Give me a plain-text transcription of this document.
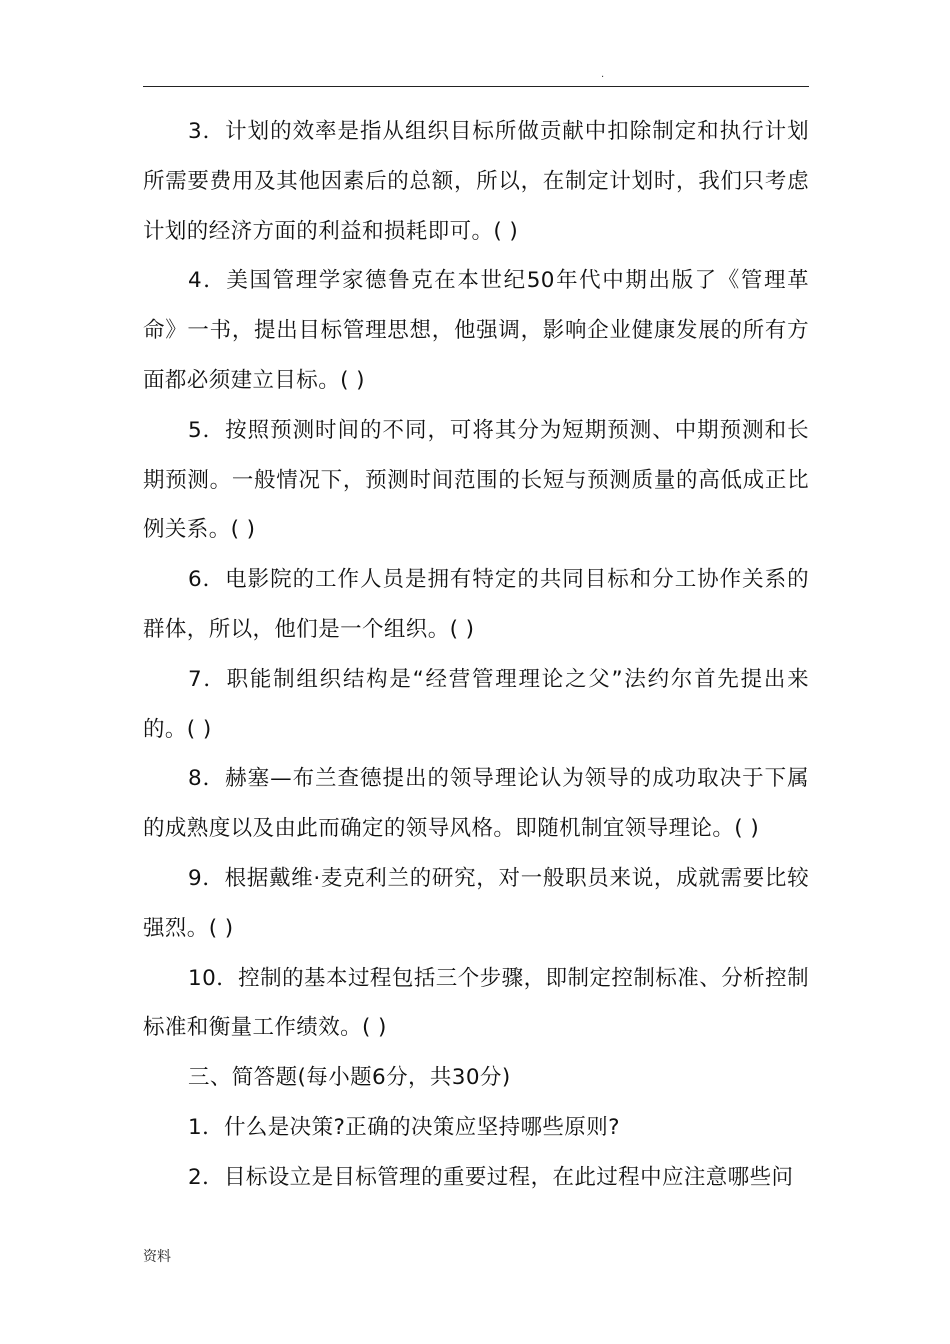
.

3．计划的效率是指从组织目标所做贡献中扣除制定和执行计划所需要费用及其他因素后的总额，所以，在制定计划时，我们只考虑计划的经济方面的利益和损耗即可。( )

4．美国管理学家德鲁克在本世纪50年代中期出版了《管理革命》一书，提出目标管理思想，他强调，影响企业健康发展的所有方面都必须建立目标。( )

5．按照预测时间的不同，可将其分为短期预测、中期预测和长期预测。一般情况下，预测时间范围的长短与预测质量的高低成正比例关系。( )

6．电影院的工作人员是拥有特定的共同目标和分工协作关系的群体，所以，他们是一个组织。( )

7．职能制组织结构是“经营管理理论之父”法约尔首先提出来的。( )

8．赫塞—布兰查德提出的领导理论认为领导的成功取决于下属的成熟度以及由此而确定的领导风格。即随机制宜领导理论。( )

9．根据戴维·麦克利兰的研究，对一般职员来说，成就需要比较强烈。( )

10．控制的基本过程包括三个步骤，即制定控制标准、分析控制标准和衡量工作绩效。( )

三、简答题(每小题6分，共30分)

1．什么是决策?正确的决策应坚持哪些原则?

2．目标设立是目标管理的重要过程，在此过程中应注意哪些问

资料
